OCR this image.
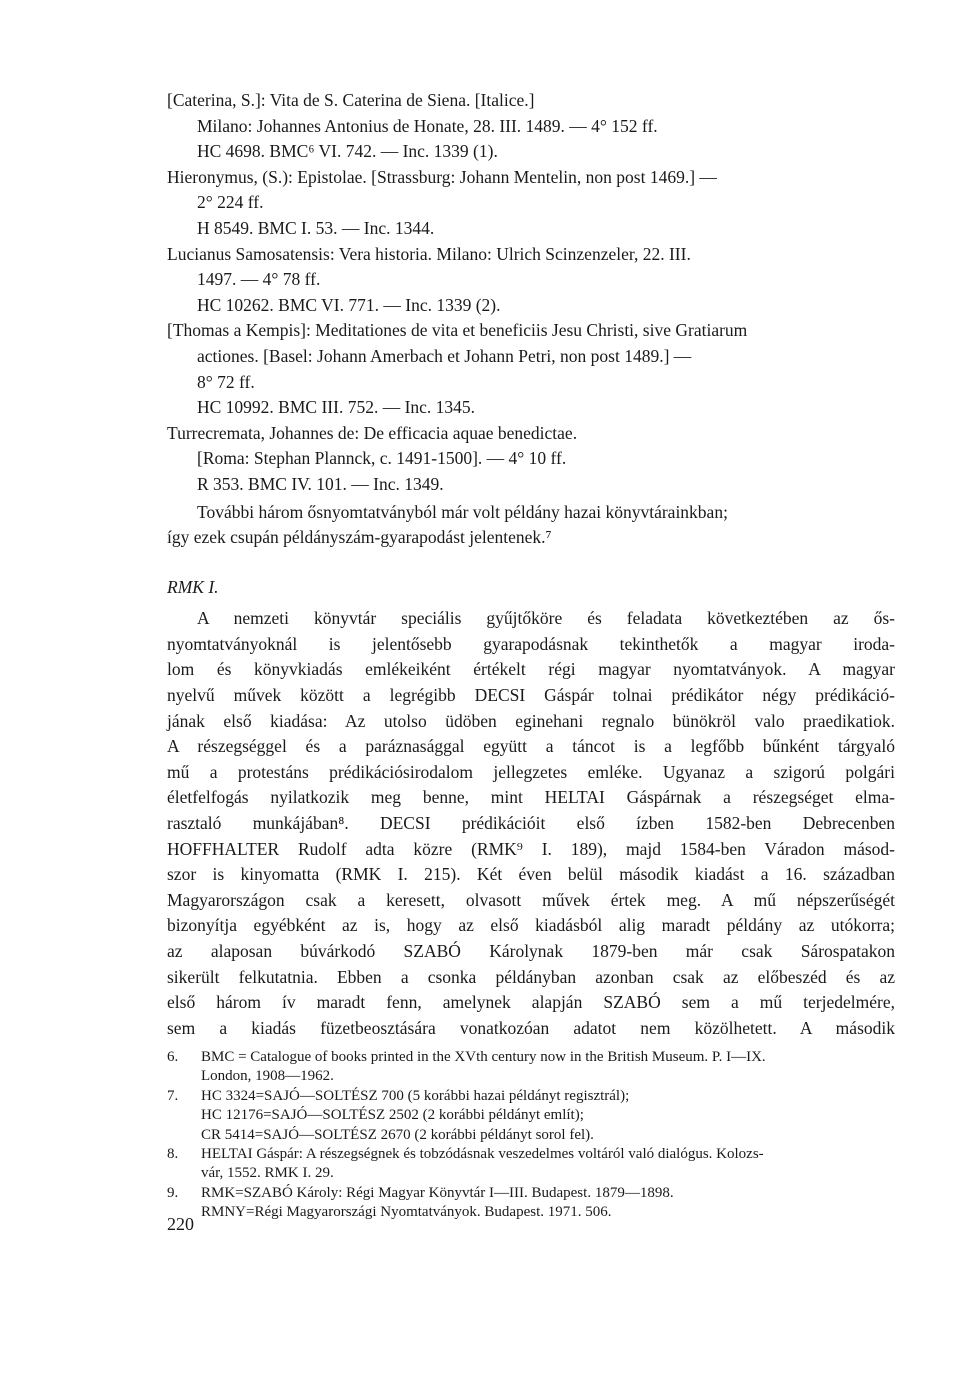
[Caterina, S.]: Vita de S. Caterina de Siena. [Italice.]
Milano: Johannes Antonius de Honate, 28. III. 1489. — 4° 152 ff.
HC 4698. BMC⁶ VI. 742. — Inc. 1339 (1).
Hieronymus, (S.): Epistolae. [Strassburg: Johann Mentelin, non post 1469.] —
2° 224 ff.
H 8549. BMC I. 53. — Inc. 1344.
Lucianus Samosatensis: Vera historia. Milano: Ulrich Scinzenzeler, 22. III.
1497. — 4° 78 ff.
HC 10262. BMC VI. 771. — Inc. 1339 (2).
[Thomas a Kempis]: Meditationes de vita et beneficiis Jesu Christi, sive Gratiarum
actiones. [Basel: Johann Amerbach et Johann Petri, non post 1489.] —
8° 72 ff.
HC 10992. BMC III. 752. — Inc. 1345.
Turrecremata, Johannes de: De efficacia aquae benedictae.
[Roma: Stephan Plannck, c. 1491-1500]. — 4° 10 ff.
R 353. BMC IV. 101. — Inc. 1349.
További három ősnyomtatványból már volt példány hazai könyvtárainkban;
így ezek csupán példányszám-gyarapodást jelentenek.⁷
RMK I.
A nemzeti könyvtár speciális gyűjtőköre és feladata következtében az ős-
nyomtatványoknál is jelentősebb gyarapodásnak tekinthetők a magyar iroda-
lom és könyvkiadás emlékeiként értékelt régi magyar nyomtatványok. A magyar
nyelvű művek között a legrégibb DECSI Gáspár tolnai prédikátor négy prédikáció-
jának első kiadása: Az utolso üdöben eginehani regnalo bünökröl valo praedikatiok.
A részegséggel és a paráznasággal együtt a táncot is a legfőbb bűnként tárgyaló
mű a protestáns prédikációsirodalom jellegzetes emléke. Ugyanaz a szigorú polgári
életfelfogás nyilatkozik meg benne, mint HELTAI Gáspárnak a részegséget elma-
rasztaló munkájában⁸. DECSI prédikációit első ízben 1582-ben Debrecenben
HOFFHALTER Rudolf adta közre (RMK⁹ I. 189), majd 1584-ben Váradon másod-
szor is kinyomatta (RMK I. 215). Két éven belül második kiadást a 16. században
Magyarországon csak a keresett, olvasott művek értek meg. A mű népszerűségét
bizonyítja egyébként az is, hogy az első kiadásból alig maradt példány az utókorra;
az alaposan búvárkodó SZABÓ Károlynak 1879-ben már csak Sárospatakon
sikerült felkutatnia. Ebben a csonka példányban azonban csak az előbeszéd és az
első három ív maradt fenn, amelynek alapján SZABÓ sem a mű terjedelmére,
sem a kiadás füzetbeosztására vonatkozóan adatot nem közölhetett. A második
6.	BMC = Catalogue of books printed in the XVth century now in the British Museum. P. I—IX.
London, 1908—1962.
7.	HC 3324=SAJÓ—SOLTÉSZ 700 (5 korábbi hazai példányt regisztrál);
HC 12176=SAJÓ—SOLTÉSZ 2502 (2 korábbi példányt említ);
CR 5414=SAJÓ—SOLTÉSZ 2670 (2 korábbi példányt sorol fel).
8.	HELTAI Gáspár: A részegségnek és tobzódásnak veszedelmes voltáról való dialógus. Kolozs-
vár, 1552. RMK I. 29.
9.	RMK=SZABÓ Károly: Régi Magyar Könyvtár I—III. Budapest. 1879—1898.
RMNY=Régi Magyarországi Nyomtatványok. Budapest. 1971. 506.
220
